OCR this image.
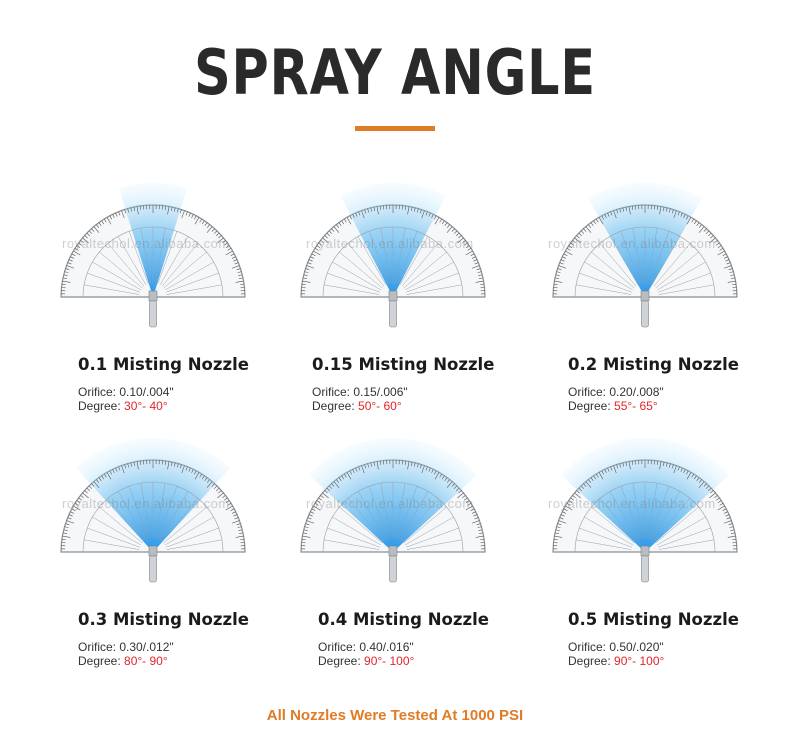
SPRAY ANGLE
0.1 Misting Nozzle
Orifice: 0.10/.004"
Degree: 30°- 40°
0.15 Misting Nozzle
Orifice: 0.15/.006"
Degree: 50°- 60°
0.2 Misting Nozzle
Orifice: 0.20/.008"
Degree: 55°- 65°
0.3 Misting Nozzle
Orifice: 0.30/.012"
Degree: 80°- 90°
0.4 Misting Nozzle
Orifice: 0.40/.016"
Degree: 90°- 100°
0.5 Misting Nozzle
Orifice: 0.50/.020"
Degree: 90°- 100°
All Nozzles Were Tested At 1000 PSI
royaltechol.en.alibaba.com	royaltechol.en.alibaba.com	royaltechol.en.alibaba.com
royaltechol.en.alibaba.com	royaltechol.en.alibaba.com	royaltechol.en.alibaba.com
